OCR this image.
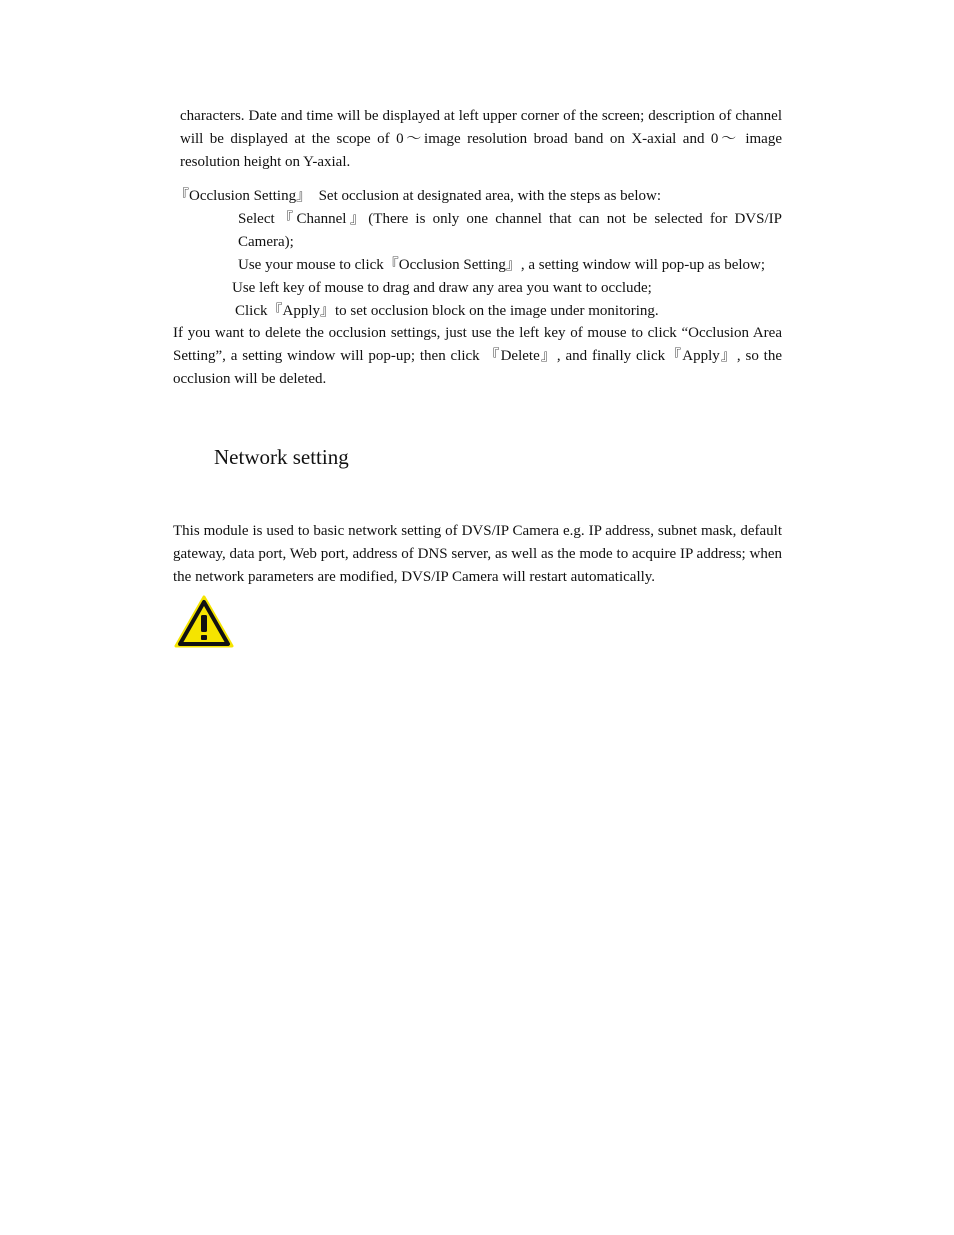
characters. Date and time will be displayed at left upper corner of the screen; description of channel will be displayed at the scope of 0～image resolution broad band on X-axial and 0～ image resolution height on Y-axial.

『Occlusion Setting』　Set occlusion at designated area, with the steps as below:

Select『Channel』(There is only one channel that can not be selected for DVS/IP Camera);

Use your mouse to click『Occlusion Setting』, a setting window will pop-up as below;

Use left key of mouse to drag and draw any area you want to occlude;

Click『Apply』to set occlusion block on the image under monitoring.

If you want to delete the occlusion settings, just use the left key of mouse to click “Occlusion Area Setting”, a setting window will pop-up; then click 『Delete』, and finally click『Apply』, so the occlusion will be deleted.

Network setting

This module is used to basic network setting of DVS/IP Camera e.g. IP address, subnet mask, default gateway, data port, Web port, address of DNS server, as well as the mode to acquire IP address; when the network parameters are modified, DVS/IP Camera will restart automatically.
